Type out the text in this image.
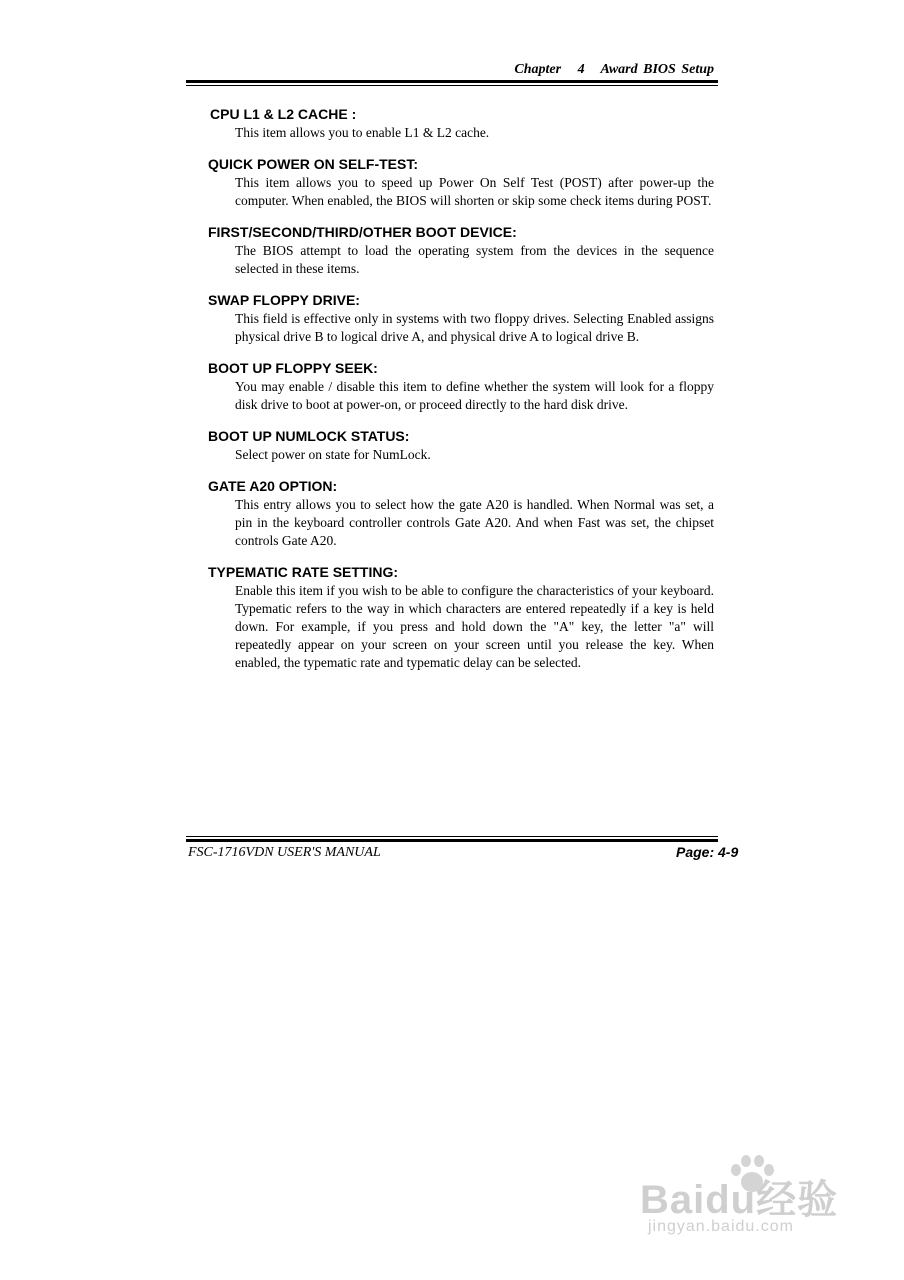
Chapter   4   Award BIOS Setup
CPU L1 & L2 CACHE :

This item allows you to enable L1 & L2 cache.

QUICK POWER ON SELF-TEST:

This item allows you to speed up Power On Self Test (POST) after power-up the computer. When enabled, the BIOS will shorten or skip some check items during POST.

FIRST/SECOND/THIRD/OTHER BOOT DEVICE:

The BIOS attempt to load the operating system from the devices in the sequence selected in these items.

SWAP FLOPPY DRIVE:

This field is effective only in systems with two floppy drives. Selecting Enabled assigns physical drive B to logical drive A, and physical drive A to logical drive B.

BOOT UP FLOPPY SEEK:

You may enable / disable this item to define whether the system will look for a floppy disk drive to boot at power-on, or proceed directly to the hard disk drive.

BOOT UP NUMLOCK STATUS:

Select power on state for NumLock.

GATE A20 OPTION:

This entry allows you to select how the gate A20 is handled. When Normal was set, a pin in the keyboard controller controls Gate A20. And when Fast was set, the chipset controls Gate A20.

TYPEMATIC RATE SETTING:

Enable this item if you wish to be able to configure the characteristics of your keyboard. Typematic refers to the way in which characters are entered repeatedly if a key is held down. For example, if you press and hold down the "A" key, the letter "a" will repeatedly appear on your screen on your screen until you release the key. When enabled, the typematic rate and typematic delay can be selected.

FSC-1716VDN USER'S MANUAL	Page: 4-9
Baidu经验
jingyan.baidu.com
